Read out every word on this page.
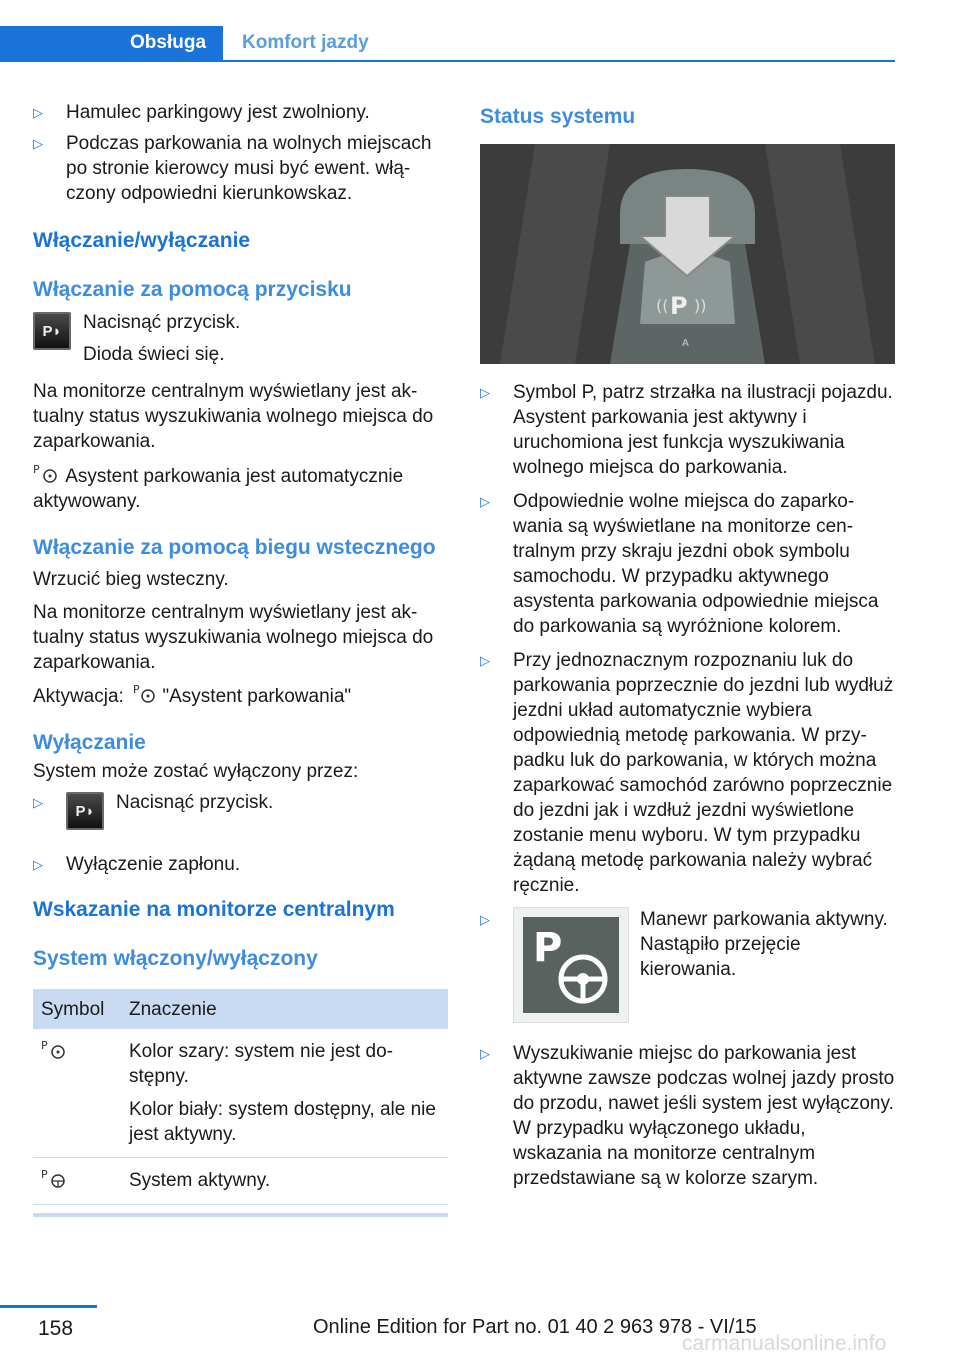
Obsługa	Komfort jazdy
▷ Hamulec parkingowy jest zwolniony.
▷ Podczas parkowania na wolnych miejscach po stronie kierowcy musi być ewent. włączony odpowiedni kierunkowskaz.
Włączanie/wyłączanie
Włączanie za pomocą przycisku
P◗	Nacisnąć przycisk.

Dioda świeci się.

Na monitorze centralnym wyświetlany jest aktualny status wyszukiwania wolnego miejsca do zaparkowania.

P Asystent parkowania jest automatycznie aktywowany.

Włączanie za pomocą biegu wstecznego

Wrzucić bieg wsteczny.

Na monitorze centralnym wyświetlany jest aktualny status wyszukiwania wolnego miejsca do zaparkowania.

Aktywacja: P "Asystent parkowania"

Wyłączanie

System może zostać wyłączony przez:

▷	P◗	Nacisnąć przycisk.
▷ Wyłączenie zapłonu.
Wskazanie na monitorze centralnym
System włączony/wyłączony
Symbol	Znaczenie

P	Kolor szary: system nie jest dostępny.

Kolor biały: system dostępny, ale nie jest aktywny.

P	System aktywny.
Status systemu
P
(( ))
A
▷ Symbol P, patrz strzałka na ilustracji pojazdu. Asystent parkowania jest aktywny i uruchomiona jest funkcja wyszukiwania wolnego miejsca do parkowania.
▷ Odpowiednie wolne miejsca do zaparkowania są wyświetlane na monitorze centralnym przy skraju jezdni obok symbolu samochodu. W przypadku aktywnego asystenta parkowania odpowiednie miejsca do parkowania są wyróżnione kolorem.
▷ Przy jednoznacznym rozpoznaniu luk do parkowania poprzecznie do jezdni lub wydłuż jezdni układ automatycznie wybiera odpowiednią metodę parkowania. W przypadku luk do parkowania, w których można zaparkować samochód zarówno poprzecznie do jezdni jak i wzdłuż jezdni wyświetlone zostanie menu wyboru. W tym przypadku żądaną metodę parkowania należy wybrać ręcznie.
▷
P
Manewr parkowania aktywny. Nastąpiło przejęcie kierowania.
▷ Wyszukiwanie miejsc do parkowania jest aktywne zawsze podczas wolnej jazdy prosto do przodu, nawet jeśli system jest wyłączony. W przypadku wyłączonego układu, wskazania na monitorze centralnym przedstawiane są w kolorze szarym.
158	Online Edition for Part no. 01 40 2 963 978 - VI/15
carmanualsonline.info
